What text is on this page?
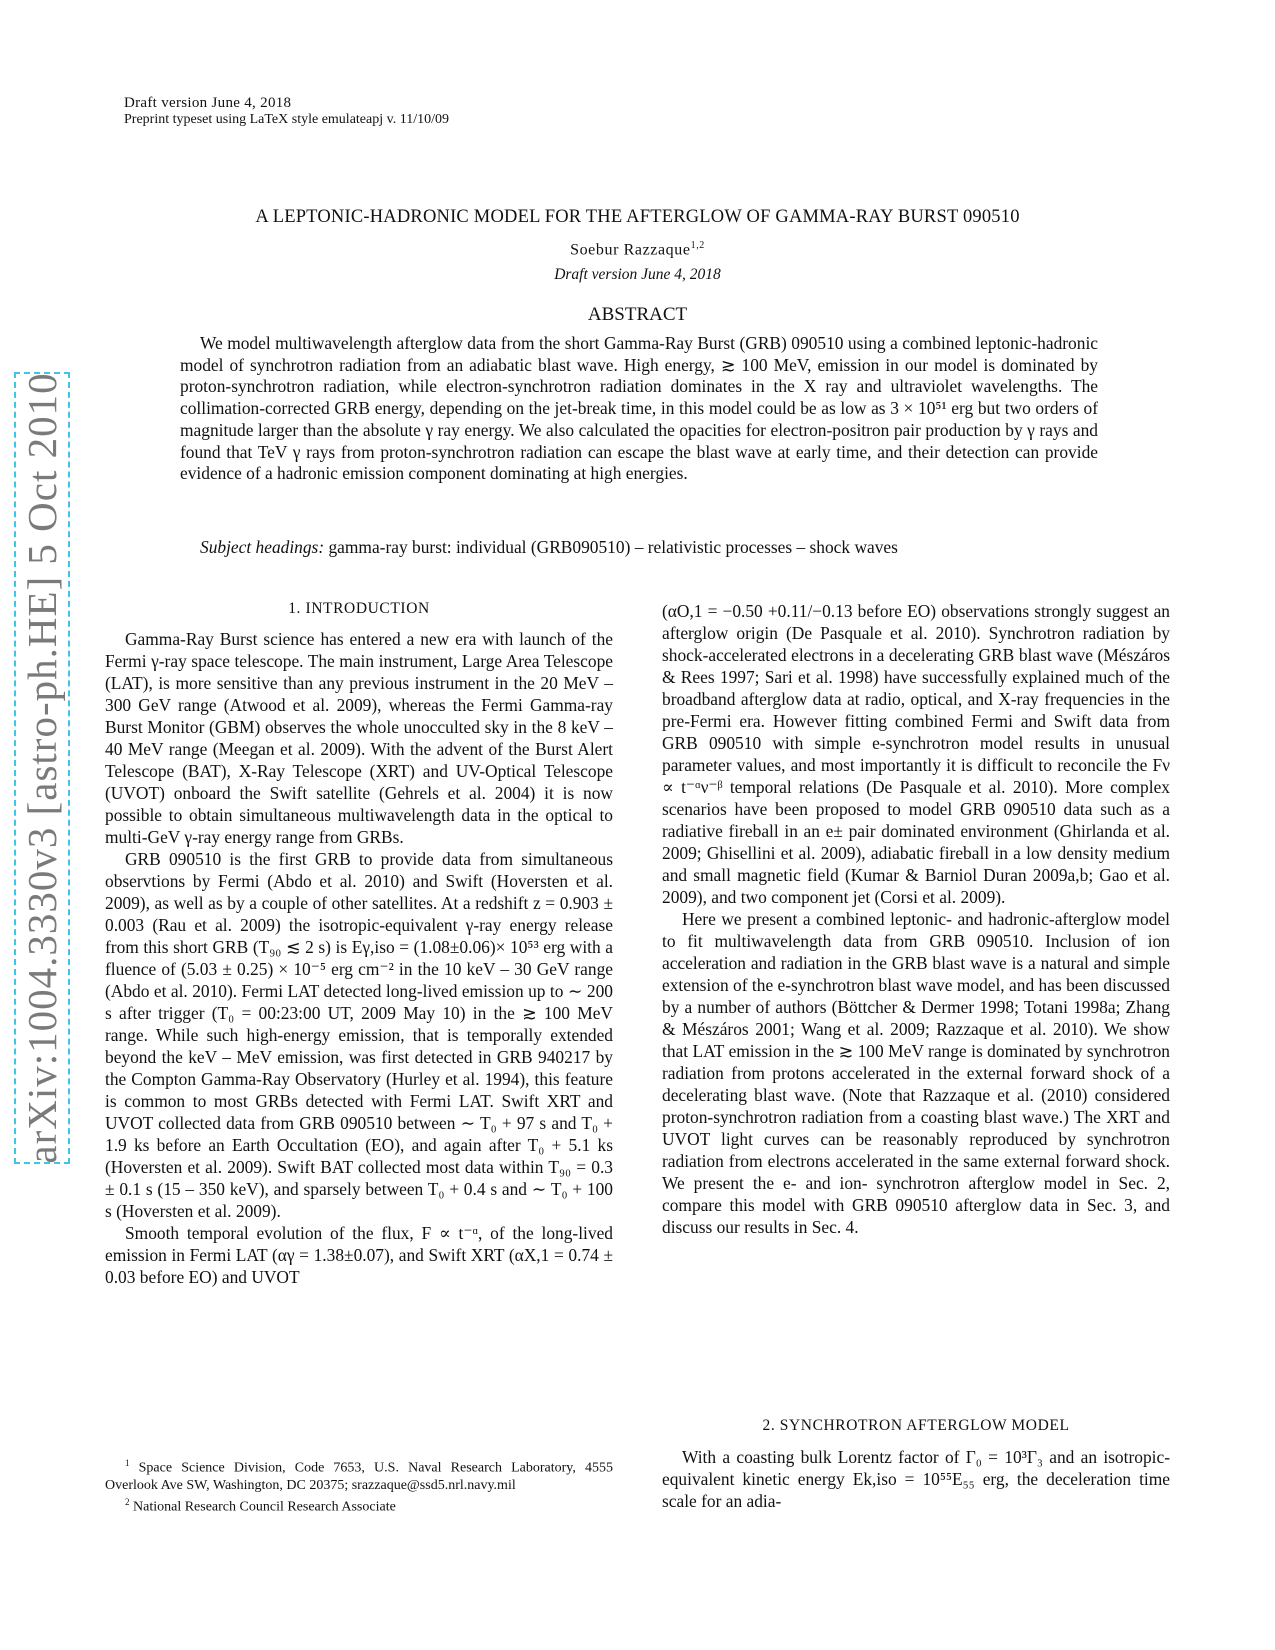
Draft version June 4, 2018
Preprint typeset using LaTeX style emulateapj v. 11/10/09
arXiv:1004.3330v3 [astro-ph.HE] 5 Oct 2010
A LEPTONIC-HADRONIC MODEL FOR THE AFTERGLOW OF GAMMA-RAY BURST 090510
Soebur Razzaque$^{1,2}$
Draft version June 4, 2018
ABSTRACT
We model multiwavelength afterglow data from the short Gamma-Ray Burst (GRB) 090510 using a combined leptonic-hadronic model of synchrotron radiation from an adiabatic blast wave. High energy, ≳ 100 MeV, emission in our model is dominated by proton-synchrotron radiation, while electron-synchrotron radiation dominates in the X ray and ultraviolet wavelengths. The collimation-corrected GRB energy, depending on the jet-break time, in this model could be as low as 3 × 10⁵¹ erg but two orders of magnitude larger than the absolute γ ray energy. We also calculated the opacities for electron-positron pair production by γ rays and found that TeV γ rays from proton-synchrotron radiation can escape the blast wave at early time, and their detection can provide evidence of a hadronic emission component dominating at high energies.
Subject headings: gamma-ray burst: individual (GRB090510) – relativistic processes – shock waves
1. INTRODUCTION

Gamma-Ray Burst science has entered a new era with launch of the Fermi γ-ray space telescope. The main instrument, Large Area Telescope (LAT), is more sensitive than any previous instrument in the 20 MeV – 300 GeV range (Atwood et al. 2009), whereas the Fermi Gamma-ray Burst Monitor (GBM) observes the whole unocculted sky in the 8 keV – 40 MeV range (Meegan et al. 2009). With the advent of the Burst Alert Telescope (BAT), X-Ray Telescope (XRT) and UV-Optical Telescope (UVOT) onboard the Swift satellite (Gehrels et al. 2004) it is now possible to obtain simultaneous multiwavelength data in the optical to multi-GeV γ-ray energy range from GRBs.

GRB 090510 is the first GRB to provide data from simultaneous observtions by Fermi (Abdo et al. 2010) and Swift (Hoversten et al. 2009), as well as by a couple of other satellites. At a redshift z = 0.903 ± 0.003 (Rau et al. 2009) the isotropic-equivalent γ-ray energy release from this short GRB (T₉₀ ≲ 2 s) is Eγ,iso = (1.08±0.06)× 10⁵³ erg with a fluence of (5.03 ± 0.25) × 10⁻⁵ erg cm⁻² in the 10 keV – 30 GeV range (Abdo et al. 2010). Fermi LAT detected long-lived emission up to ∼ 200 s after trigger (T₀ = 00:23:00 UT, 2009 May 10) in the ≳ 100 MeV range. While such high-energy emission, that is temporally extended beyond the keV – MeV emission, was first detected in GRB 940217 by the Compton Gamma-Ray Observatory (Hurley et al. 1994), this feature is common to most GRBs detected with Fermi LAT. Swift XRT and UVOT collected data from GRB 090510 between ∼ T₀ + 97 s and T₀ + 1.9 ks before an Earth Occultation (EO), and again after T₀ + 5.1 ks (Hoversten et al. 2009). Swift BAT collected most data within T₉₀ = 0.3 ± 0.1 s (15 – 350 keV), and sparsely between T₀ + 0.4 s and ∼ T₀ + 100 s (Hoversten et al. 2009).

Smooth temporal evolution of the flux, F ∝ t⁻ᵅ, of the long-lived emission in Fermi LAT (αγ = 1.38±0.07), and Swift XRT (αX,1 = 0.74 ± 0.03 before EO) and UVOT

$^1$ Space Science Division, Code 7653, U.S. Naval Research Laboratory, 4555 Overlook Ave SW, Washington, DC 20375; srazzaque@ssd5.nrl.navy.mil

$^2$ National Research Council Research Associate

(αO,1 = −0.50 +0.11/−0.13 before EO) observations strongly suggest an afterglow origin (De Pasquale et al. 2010). Synchrotron radiation by shock-accelerated electrons in a decelerating GRB blast wave (Mészáros & Rees 1997; Sari et al. 1998) have successfully explained much of the broadband afterglow data at radio, optical, and X-ray frequencies in the pre-Fermi era. However fitting combined Fermi and Swift data from GRB 090510 with simple e-synchrotron model results in unusual parameter values, and most importantly it is difficult to reconcile the Fν ∝ t⁻ᵅν⁻ᵝ temporal relations (De Pasquale et al. 2010). More complex scenarios have been proposed to model GRB 090510 data such as a radiative fireball in an e± pair dominated environment (Ghirlanda et al. 2009; Ghisellini et al. 2009), adiabatic fireball in a low density medium and small magnetic field (Kumar & Barniol Duran 2009a,b; Gao et al. 2009), and two component jet (Corsi et al. 2009).

Here we present a combined leptonic- and hadronic-afterglow model to fit multiwavelength data from GRB 090510. Inclusion of ion acceleration and radiation in the GRB blast wave is a natural and simple extension of the e-synchrotron blast wave model, and has been discussed by a number of authors (Böttcher & Dermer 1998; Totani 1998a; Zhang & Mészáros 2001; Wang et al. 2009; Razzaque et al. 2010). We show that LAT emission in the ≳ 100 MeV range is dominated by synchrotron radiation from protons accelerated in the external forward shock of a decelerating blast wave. (Note that Razzaque et al. (2010) considered proton-synchrotron radiation from a coasting blast wave.) The XRT and UVOT light curves can be reasonably reproduced by synchrotron radiation from electrons accelerated in the same external forward shock. We present the e- and ion- synchrotron afterglow model in Sec. 2, compare this model with GRB 090510 afterglow data in Sec. 3, and discuss our results in Sec. 4.

2. SYNCHROTRON AFTERGLOW MODEL

With a coasting bulk Lorentz factor of Γ₀ = 10³Γ₃ and an isotropic-equivalent kinetic energy Ek,iso = 10⁵⁵E₅₅ erg, the deceleration time scale for an adia-
